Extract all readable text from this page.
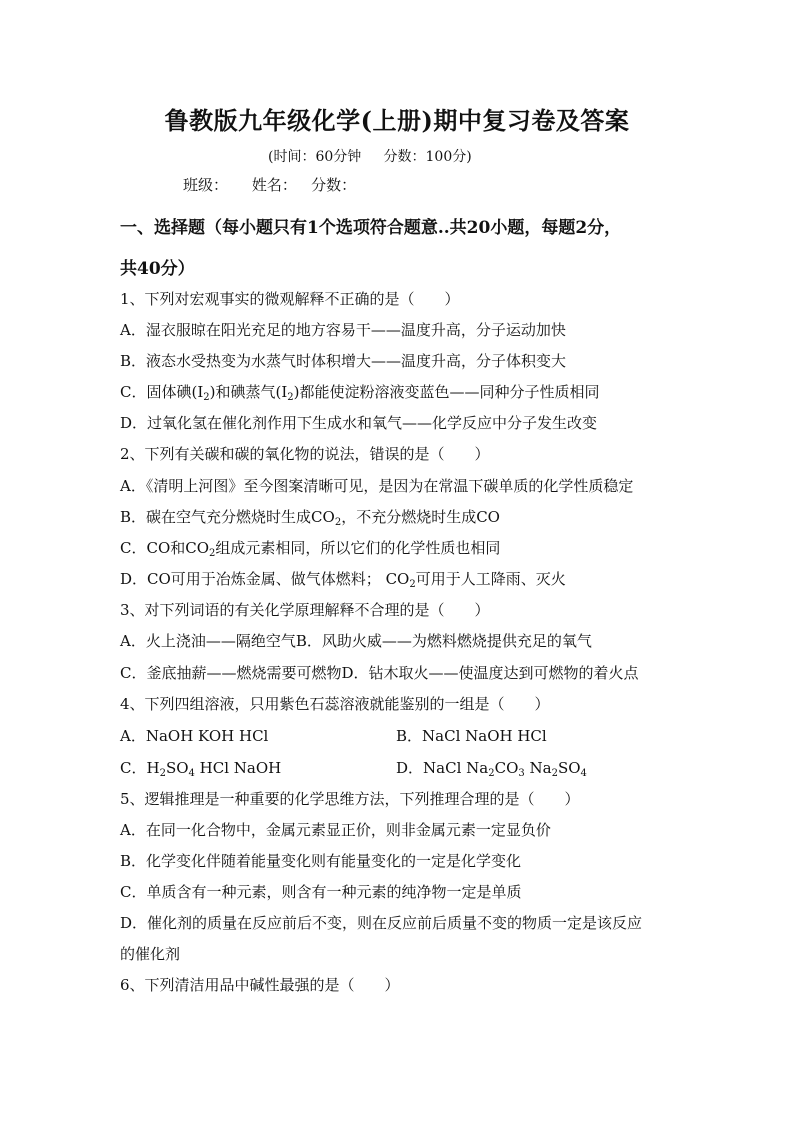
鲁教版九年级化学(上册)期中复习卷及答案
(时间：60分钟     分数：100分)
班级：     姓名：   分数：
一、选择题（每小题只有1个选项符合题意..共20小题，每题2分，
共40分）
1、下列对宏观事实的微观解释不正确的是（　　）
A．湿衣服晾在阳光充足的地方容易干——温度升高，分子运动加快
B．液态水受热变为水蒸气时体积增大——温度升高，分子体积变大
C．固体碘$(I_2)$和碘蒸气$(I_2)$都能使淀粉溶液变蓝色——同种分子性质相同
D．过氧化氢在催化剂作用下生成水和氧气——化学反应中分子发生改变
2、下列有关碳和碳的氧化物的说法，错误的是（　　）
A．《清明上河图》至今图案清晰可见，是因为在常温下碳单质的化学性质稳定
B．碳在空气充分燃烧时生成$CO_2$，不充分燃烧时生成CO
C．CO和$CO_2$组成元素相同，所以它们的化学性质也相同
D．CO可用于冶炼金属、做气体燃料； $CO_2$可用于人工降雨、灭火
3、对下列词语的有关化学原理解释不合理的是（　　）
A．火上浇油——隔绝空气B．风助火威——为燃料燃烧提供充足的氧气
C．釜底抽薪——燃烧需要可燃物D．钻木取火——使温度达到可燃物的着火点
4、下列四组溶液，只用紫色石蕊溶液就能鉴别的一组是（　　）
A．NaOH KOH HCl	B．NaCl NaOH HCl
C．$H_2SO_4$ HCl NaOH	D．NaCl $Na_2CO_3$ $Na_2SO_4$
5、逻辑推理是一种重要的化学思维方法，下列推理合理的是（　　）
A．在同一化合物中，金属元素显正价，则非金属元素一定显负价
B．化学变化伴随着能量变化则有能量变化的一定是化学变化
C．单质含有一种元素，则含有一种元素的纯净物一定是单质
D．催化剂的质量在反应前后不变，则在反应前后质量不变的物质一定是该反应
的催化剂
6、下列清洁用品中碱性最强的是（　　）
